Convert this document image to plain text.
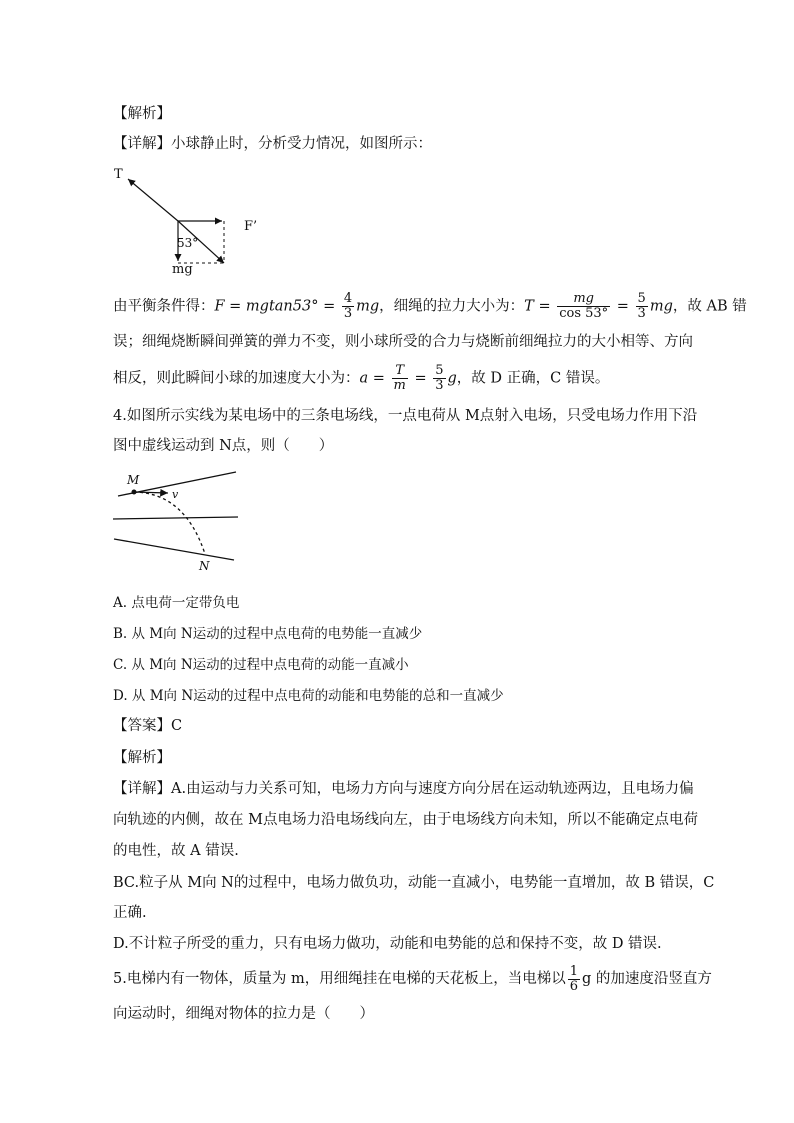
【解析】
【详解】小球静止时，分析受力情况，如图所示：
T
F’
53°
mg
由平衡条件得：$F = mgtan53^\circ = \frac{4}{3}$ mg，细绳的拉力大小为：$T = \frac{mg}{\cos 53^\circ} = \frac{5}{3}$ mg，故 AB 错
误；细绳烧断瞬间弹簧的弹力不变，则小球所受的合力与烧断前细绳拉力的大小相等、方向
相反，则此瞬间小球的加速度大小为：$a = \frac{T}{m} = \frac{5}{3}$ g，故 D 正确，C 错误。
4.如图所示实线为某电场中的三条电场线，一点电荷从 M点射入电场，只受电场力作用下沿
图中虚线运动到 N点，则（　　）
M
v
N
A. 点电荷一定带负电
B. 从 M向 N运动的过程中点电荷的电势能一直减少
C. 从 M向 N运动的过程中点电荷的动能一直减小
D. 从 M向 N运动的过程中点电荷的动能和电势能的总和一直减少
【答案】C
【解析】
【详解】A.由运动与力关系可知，电场力方向与速度方向分居在运动轨迹两边，且电场力偏
向轨迹的内侧，故在 M点电场力沿电场线向左，由于电场线方向未知，所以不能确定点电荷
的电性，故 A 错误.
BC.粒子从 M向 N的过程中，电场力做负功，动能一直减小，电势能一直增加，故 B 错误，C
正确.
D.不计粒子所受的重力，只有电场力做功，动能和电势能的总和保持不变，故 D 错误.
5.电梯内有一物体，质量为 m，用细绳挂在电梯的天花板上，当电梯以 $\frac{1}{6}$ g 的加速度沿竖直方
向运动时，细绳对物体的拉力是（　　）
